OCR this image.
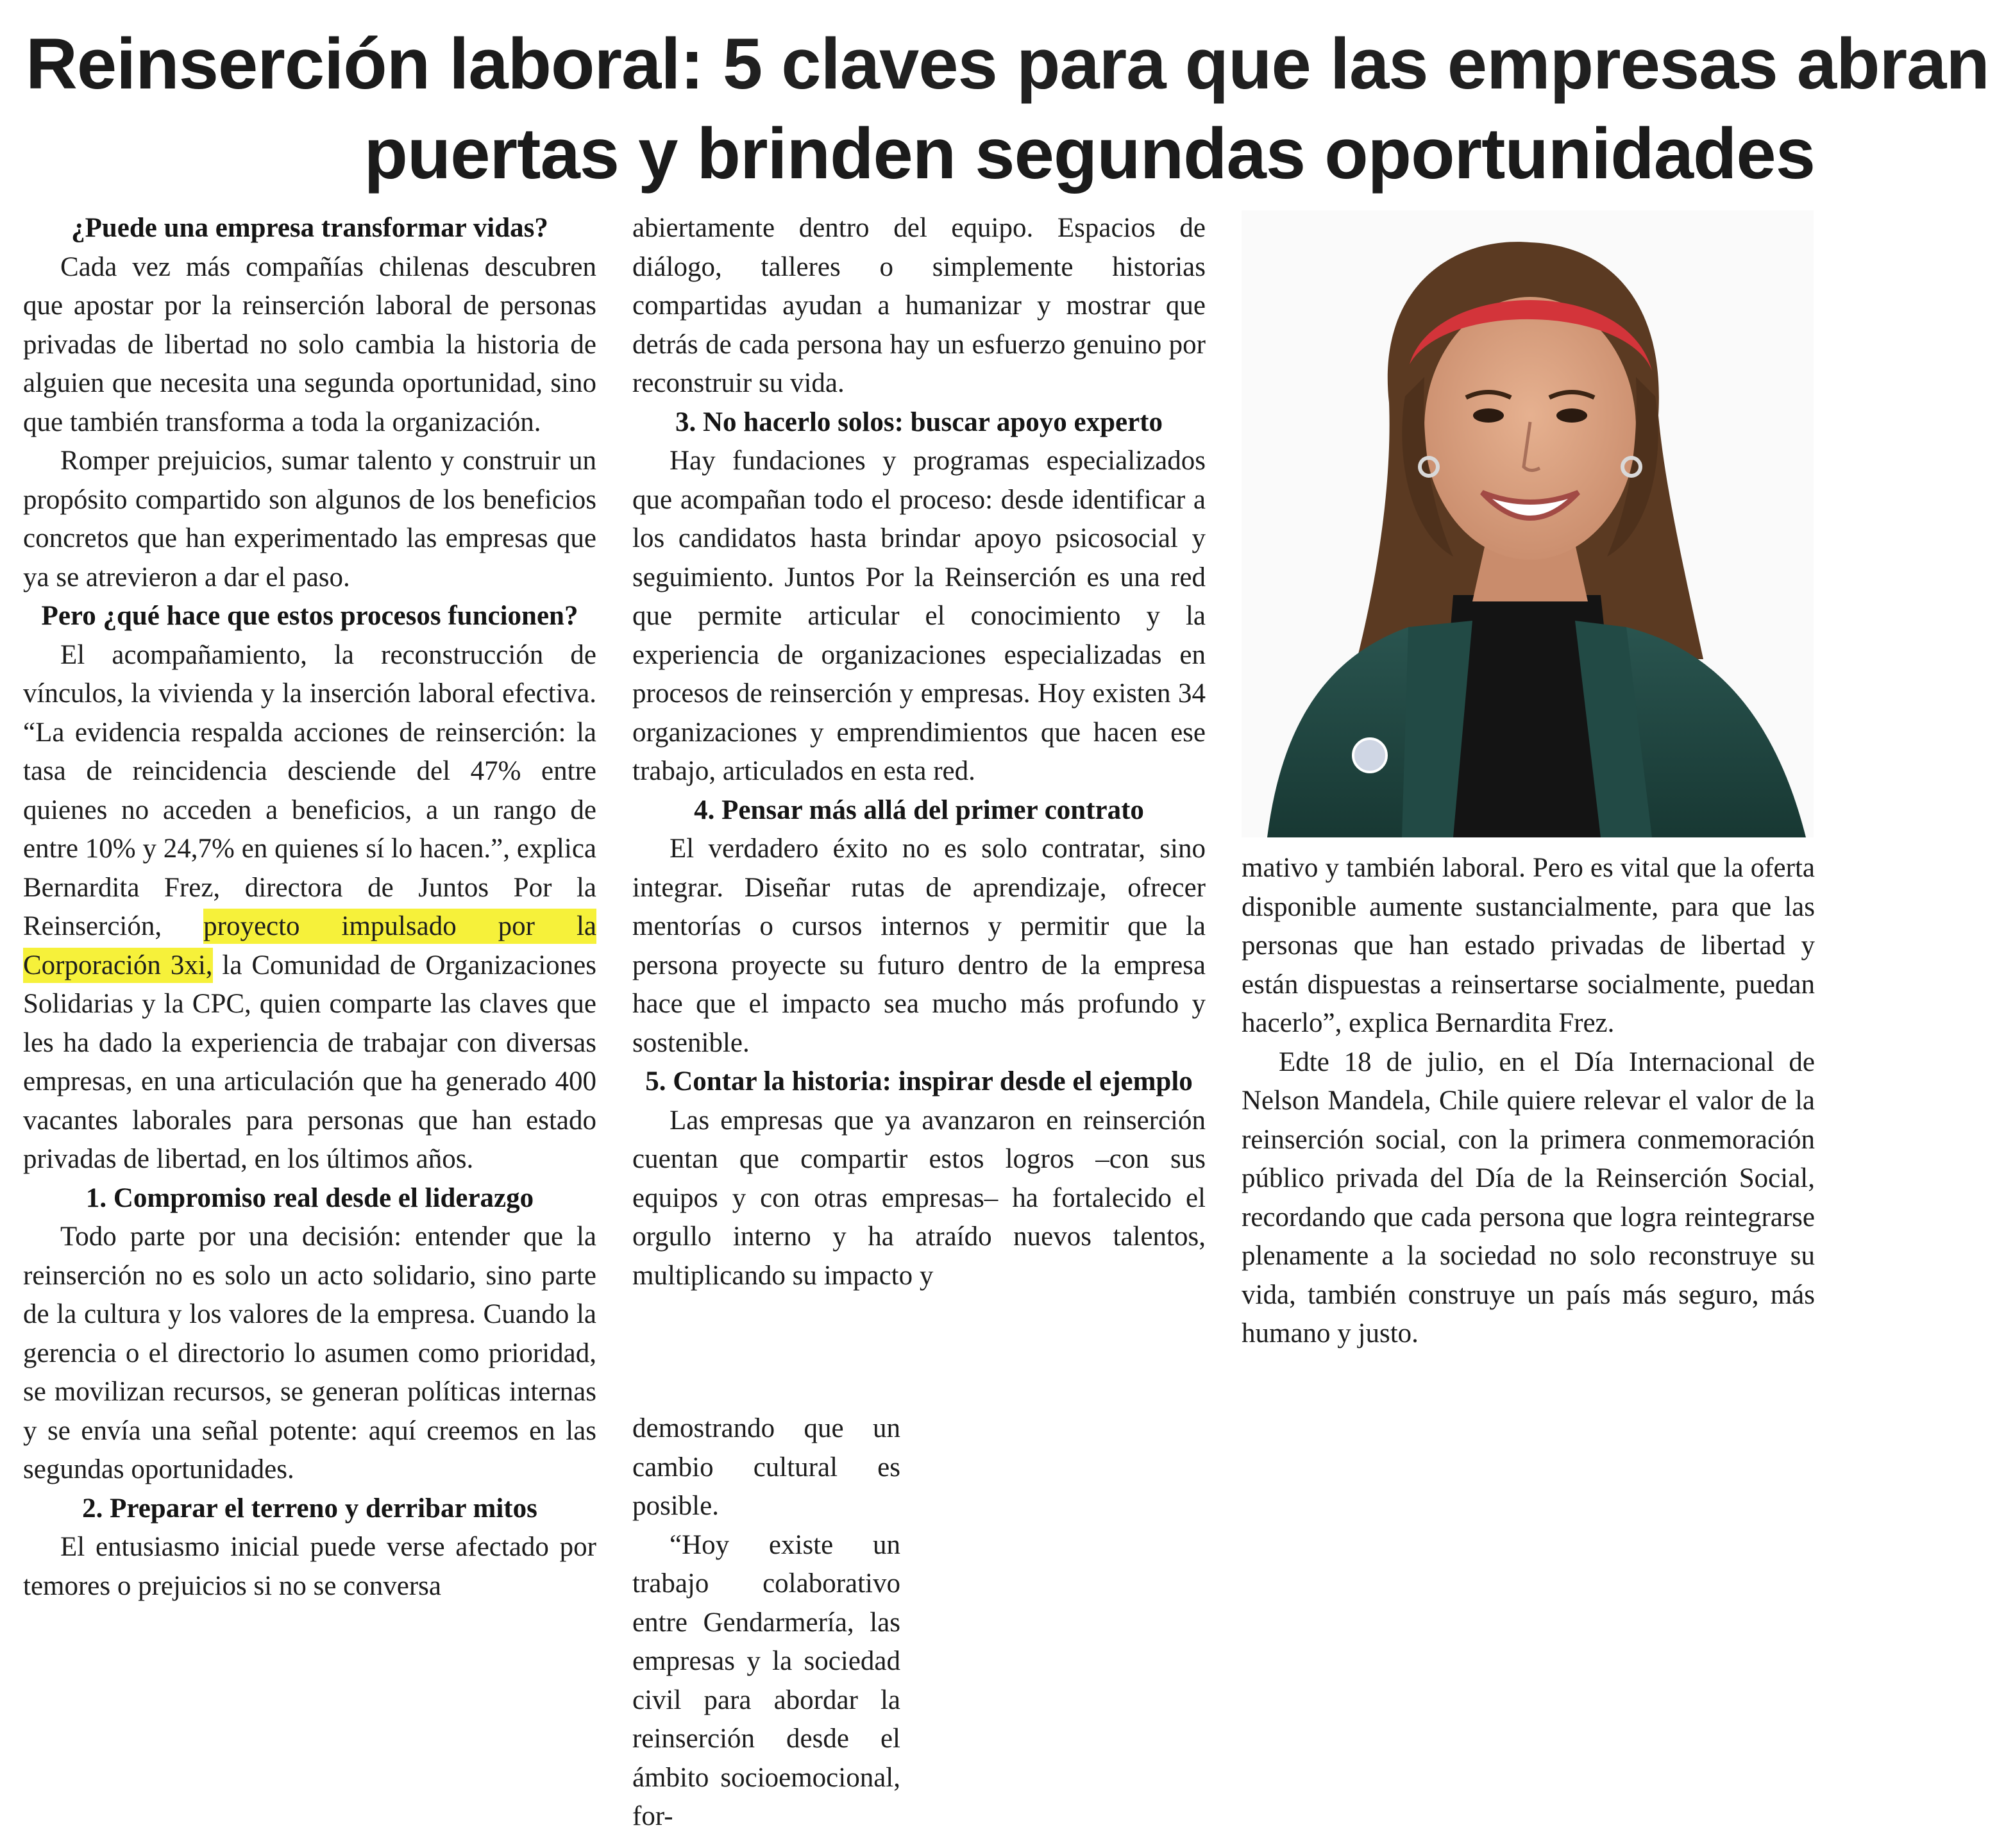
Reinserción laboral: 5 claves para que las empresas abran
puertas y brinden segundas oportunidades
¿Puede una empresa transformar vidas?

Cada vez más compañías chilenas descubren que apostar por la reinserción laboral de personas privadas de libertad no solo cambia la historia de alguien que necesita una segunda oportunidad, sino que también transforma a toda la organización.

Romper prejuicios, sumar talento y construir un propósito compartido son algunos de los beneficios concretos que han experimentado las empresas que ya se atrevieron a dar el paso.

Pero ¿qué hace que estos procesos funcionen?

El acompañamiento, la reconstrucción de vínculos, la vivienda y la inserción laboral efectiva. “La evidencia respalda acciones de reinserción: la tasa de reincidencia desciende del 47% entre quienes no acceden a beneficios, a un rango de entre 10% y 24,7% en quienes sí lo hacen.”, explica Bernardita Frez, directora de Juntos Por la Reinserción, proyecto impulsado por la Corporación 3xi, la Comunidad de Organizaciones Solidarias y la CPC, quien comparte las claves que les ha dado la experiencia de trabajar con diversas empresas, en una articulación que ha generado 400 vacantes laborales para personas que han estado privadas de libertad, en los últimos años.

1. Compromiso real desde el liderazgo

Todo parte por una decisión: entender que la reinserción no es solo un acto solidario, sino parte de la cultura y los valores de la empresa. Cuando la gerencia o el directorio lo asumen como prioridad, se movilizan recursos, se generan políticas internas y se envía una señal potente: aquí creemos en las segundas oportunidades.

2. Preparar el terreno y derribar mitos

El entusiasmo inicial puede verse afectado por temores o prejuicios si no se conversa

abiertamente dentro del equipo. Espacios de diálogo, talleres o simplemente historias compartidas ayudan a humanizar y mostrar que detrás de cada persona hay un esfuerzo genuino por reconstruir su vida.

3. No hacerlo solos: buscar apoyo experto

Hay fundaciones y programas especializados que acompañan todo el proceso: desde identificar a los candidatos hasta brindar apoyo psicosocial y seguimiento. Juntos Por la Reinserción es una red que permite articular el conocimiento y la experiencia de organizaciones especializadas en procesos de reinserción y empresas. Hoy existen 34 organizaciones y emprendimientos que hacen ese trabajo, articulados en esta red.

4. Pensar más allá del primer contrato

El verdadero éxito no es solo contratar, sino integrar. Diseñar rutas de aprendizaje, ofrecer mentorías o cursos internos y permitir que la persona proyecte su futuro dentro de la empresa hace que el impacto sea mucho más profundo y sostenible.

5. Contar la historia: inspirar desde el ejemplo

Las empresas que ya avanzaron en reinserción cuentan que compartir estos logros –con sus equipos y con otras empresas– ha fortalecido el orgullo interno y ha atraído nuevos talentos, multiplicando su impacto y

demostrando que un cambio cultural es posible.

“Hoy existe un trabajo colaborativo entre Gendarmería, las empresas y la sociedad civil para abordar la reinserción desde el ámbito socioemocional, for-

mativo y también laboral. Pero es vital que la oferta disponible aumente sustancialmente, para que las personas que han estado privadas de libertad y están dispuestas a reinsertarse socialmente, puedan hacerlo”, explica Bernardita Frez.

Edte 18 de julio, en el Día Internacional de Nelson Mandela, Chile quiere relevar el valor de la reinserción social, con la primera conmemoración público privada del Día de la Reinserción Social, recordando que cada persona que logra reintegrarse plenamente a la sociedad no solo reconstruye su vida, también construye un país más seguro, más humano y justo.
